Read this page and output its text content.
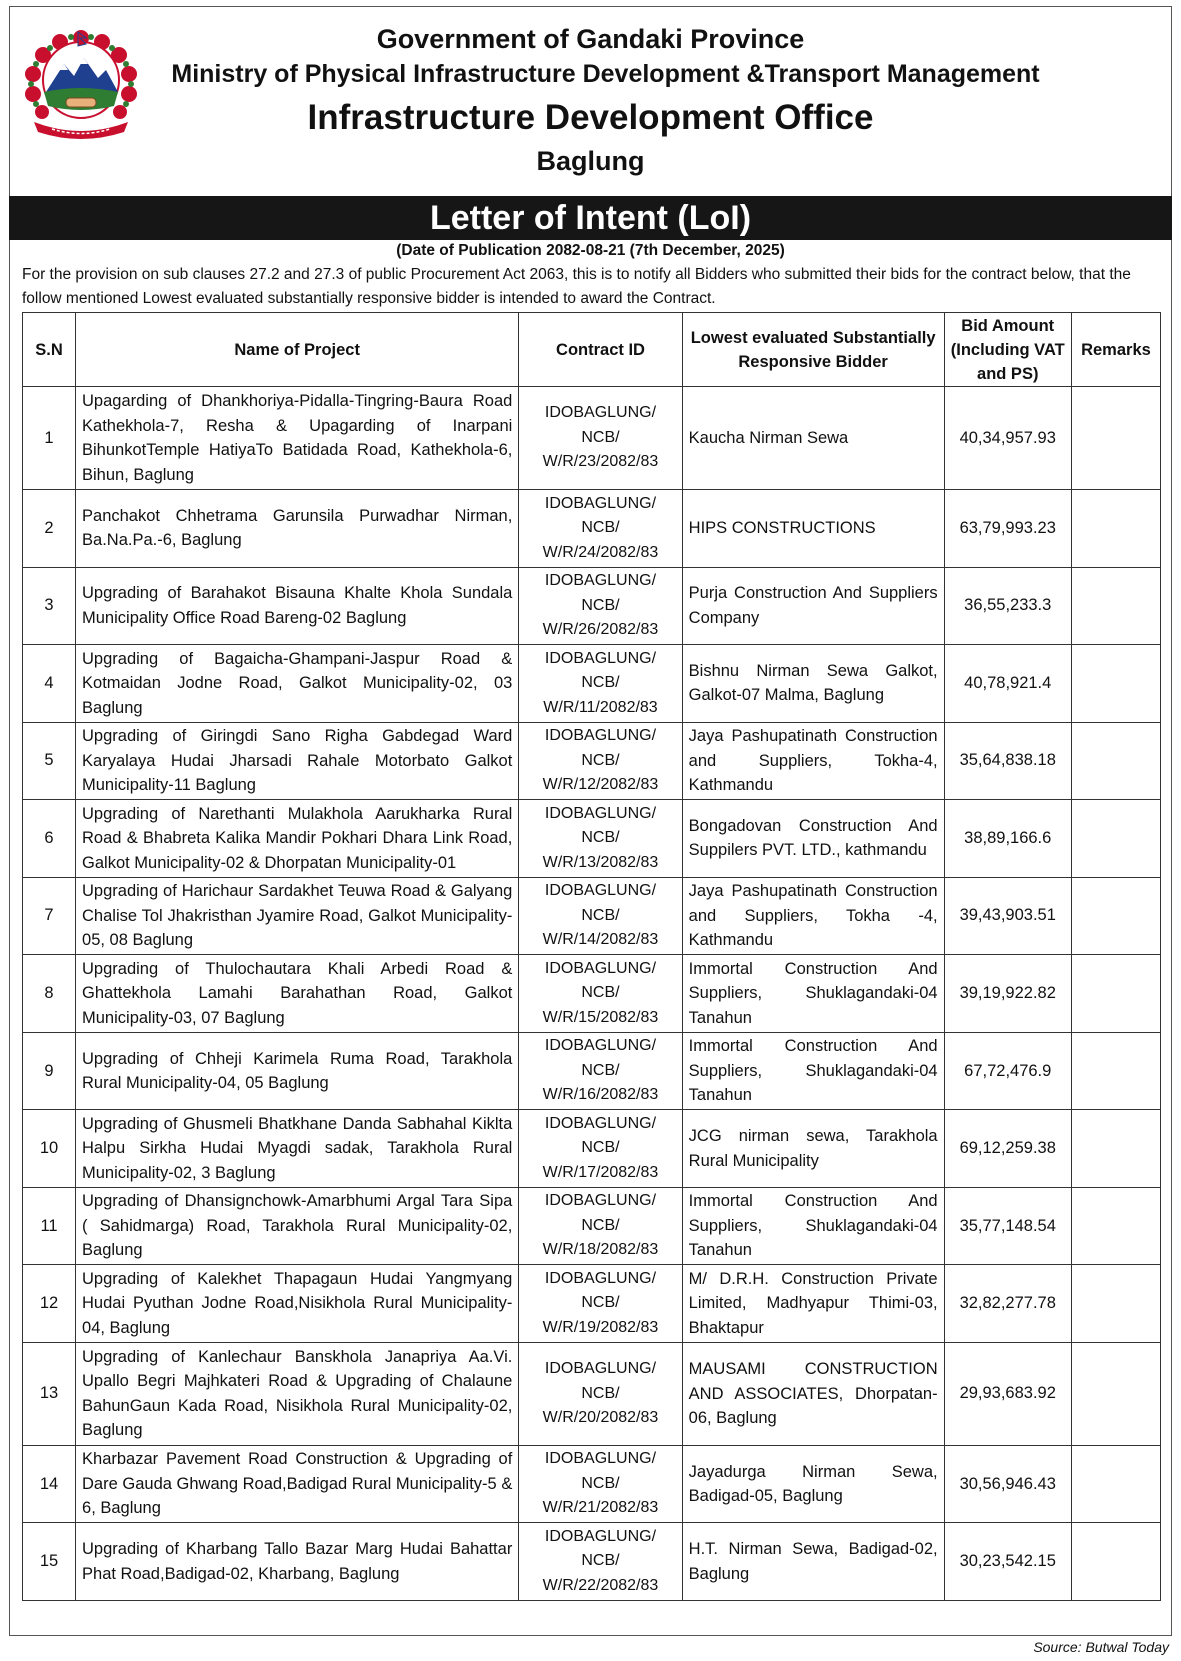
Government of Gandaki Province
Ministry of Physical Infrastructure Development &Transport Management
Infrastructure Development Office
Baglung
Letter of Intent (LoI)
(Date of Publication 2082-08-21 (7th December, 2025)
For the provision on sub clauses 27.2 and 27.3 of public Procurement Act 2063, this is to notify all Bidders who submitted their bids for the contract below, that the follow mentioned Lowest evaluated substantially responsive bidder is intended to award the Contract.
S.N	Name of Project	Contract ID	Lowest evaluated Substantially Responsive Bidder	Bid Amount (Including VAT and PS)	Remarks
1	Upagarding of Dhankhoriya-Pidalla-Tingring-Baura Road Kathekhola-7, Resha & Upagarding of Inarpani BihunkotTemple HatiyaTo Batidada Road, Kathekhola-6, Bihun, Baglung	IDOBAGLUNG/
NCB/
W/R/23/2082/83	Kaucha Nirman Sewa	40,34,957.93	
2	Panchakot Chhetrama Garunsila Purwadhar Nirman, Ba.Na.Pa.-6, Baglung	IDOBAGLUNG/
NCB/
W/R/24/2082/83	HIPS CONSTRUCTIONS	63,79,993.23	
3	Upgrading of Barahakot Bisauna Khalte Khola Sundala Municipality Office Road Bareng-02 Baglung	IDOBAGLUNG/
NCB/
W/R/26/2082/83	Purja Construction And Suppliers Company	36,55,233.3	
4	Upgrading of Bagaicha-Ghampani-Jaspur Road & Kotmaidan Jodne Road, Galkot Municipality-02, 03 Baglung	IDOBAGLUNG/
NCB/
W/R/11/2082/83	Bishnu Nirman Sewa Galkot, Galkot-07 Malma, Baglung	40,78,921.4	
5	Upgrading of Giringdi Sano Righa Gabdegad Ward Karyalaya Hudai Jharsadi Rahale Motorbato Galkot Municipality-11 Baglung	IDOBAGLUNG/
NCB/
W/R/12/2082/83	Jaya Pashupatinath Construction and Suppliers, Tokha-4, Kathmandu	35,64,838.18	
6	Upgrading of Narethanti Mulakhola Aarukharka Rural Road & Bhabreta Kalika Mandir Pokhari Dhara Link Road, Galkot Municipality-02 & Dhorpatan Municipality-01	IDOBAGLUNG/
NCB/
W/R/13/2082/83	Bongadovan Construction And Suppilers PVT. LTD., kathmandu	38,89,166.6	
7	Upgrading of Harichaur Sardakhet Teuwa Road & Galyang Chalise Tol Jhakristhan Jyamire Road, Galkot Municipality-05, 08 Baglung	IDOBAGLUNG/
NCB/
W/R/14/2082/83	Jaya Pashupatinath Construction and Suppliers, Tokha -4, Kathmandu	39,43,903.51	
8	Upgrading of Thulochautara Khali Arbedi Road & Ghattekhola Lamahi Barahathan Road, Galkot Municipality-03, 07 Baglung	IDOBAGLUNG/
NCB/
W/R/15/2082/83	Immortal Construction And Suppliers, Shuklagandaki-04 Tanahun	39,19,922.82	
9	Upgrading of Chheji Karimela Ruma Road, Tarakhola Rural Municipality-04, 05 Baglung	IDOBAGLUNG/
NCB/
W/R/16/2082/83	Immortal Construction And Suppliers, Shuklagandaki-04 Tanahun	67,72,476.9	
10	Upgrading of Ghusmeli Bhatkhane Danda Sabhahal Kiklta Halpu Sirkha Hudai Myagdi sadak, Tarakhola Rural Municipality-02, 3 Baglung	IDOBAGLUNG/
NCB/
W/R/17/2082/83	JCG nirman sewa, Tarakhola Rural Municipality	69,12,259.38	
11	Upgrading of Dhansignchowk-Amarbhumi Argal Tara Sipa ( Sahidmarga) Road, Tarakhola Rural Municipality-02, Baglung	IDOBAGLUNG/
NCB/
W/R/18/2082/83	Immortal Construction And Suppliers, Shuklagandaki-04 Tanahun	35,77,148.54	
12	Upgrading of Kalekhet Thapagaun Hudai Yangmyang Hudai Pyuthan Jodne Road,Nisikhola Rural Municipality-04, Baglung	IDOBAGLUNG/
NCB/
W/R/19/2082/83	M/ D.R.H. Construction Private Limited, Madhyapur Thimi-03, Bhaktapur	32,82,277.78	
13	Upgrading of Kanlechaur Banskhola Janapriya Aa.Vi. Upallo Begri Majhkateri Road & Upgrading of Chalaune BahunGaun Kada Road, Nisikhola Rural Municipality-02, Baglung	IDOBAGLUNG/
NCB/
W/R/20/2082/83	MAUSAMI CONSTRUCTION AND ASSOCIATES, Dhorpatan-06, Baglung	29,93,683.92	
14	Kharbazar Pavement Road Construction & Upgrading of Dare Gauda Ghwang Road,Badigad Rural Municipality-5 & 6, Baglung	IDOBAGLUNG/
NCB/
W/R/21/2082/83	Jayadurga Nirman Sewa, Badigad-05, Baglung	30,56,946.43	
15	Upgrading of Kharbang Tallo Bazar Marg Hudai Bahattar Phat Road,Badigad-02, Kharbang, Baglung	IDOBAGLUNG/
NCB/
W/R/22/2082/83	H.T. Nirman Sewa, Badigad-02, Baglung	30,23,542.15	
Source: Butwal Today
